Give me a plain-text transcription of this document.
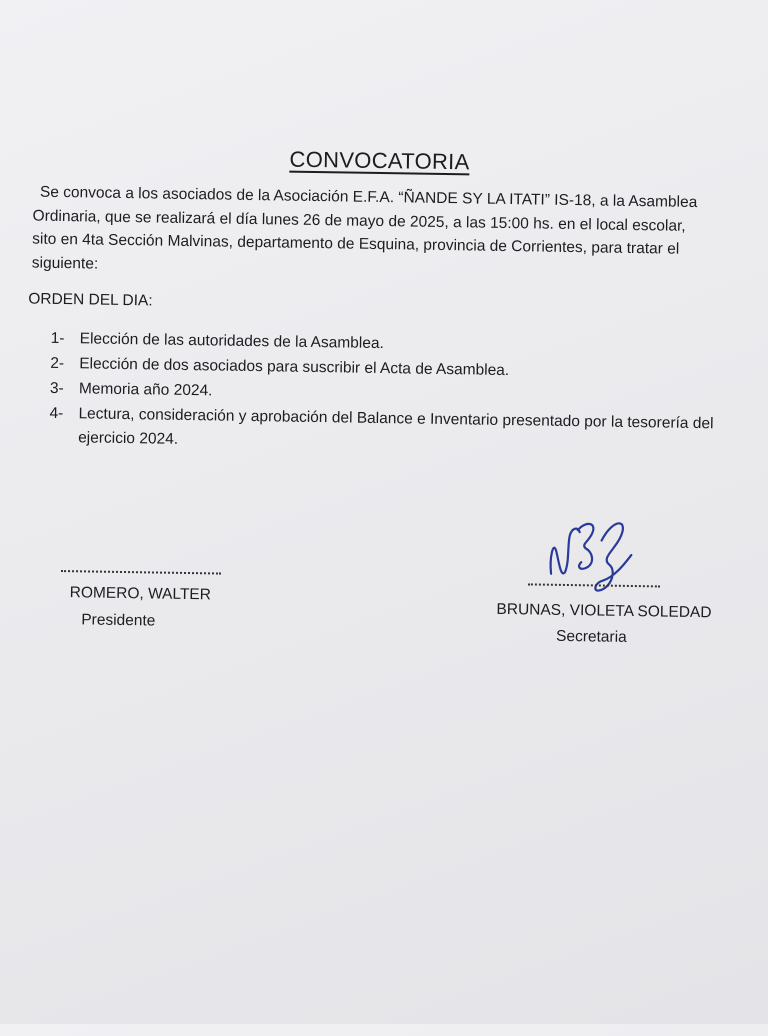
CONVOCATORIA

Se convoca a los asociados de la Asociación E.F.A. “ÑANDE SY LA ITATI” IS-18, a la Asamblea Ordinaria, que se realizará el día lunes 26 de mayo de 2025, a las 15:00 hs. en el local escolar, sito en 4ta Sección Malvinas, departamento de Esquina, provincia de Corrientes, para tratar el siguiente:

ORDEN DEL DIA:

1- Elección de las autoridades de la Asamblea.
2- Elección de dos asociados para suscribir el Acta de Asamblea.
3- Memoria año 2024.
4- Lectura, consideración y aprobación del Balance e Inventario presentado por la tesorería del ejercicio 2024.

ROMERO, WALTER

Presidente	BRUNAS, VIOLETA SOLEDAD

Secretaria
